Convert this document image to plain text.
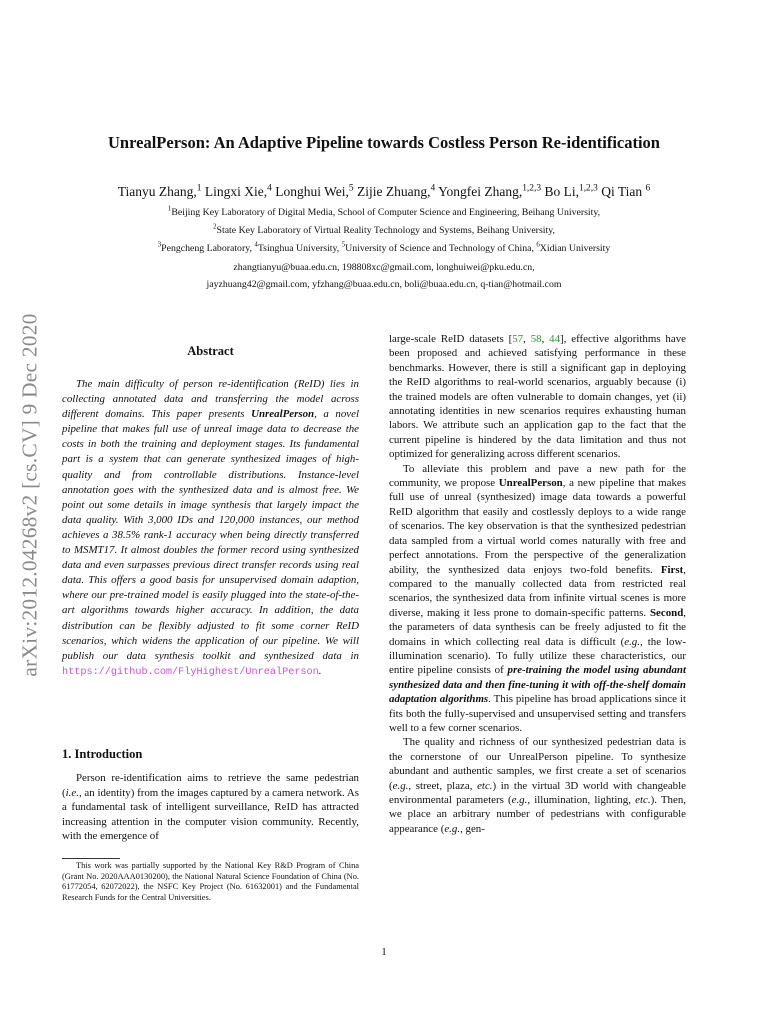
arXiv:2012.04268v2 [cs.CV] 9 Dec 2020
UnrealPerson: An Adaptive Pipeline towards Costless Person Re-identification
Tianyu Zhang,$^1$ Lingxi Xie,$^4$ Longhui Wei,$^5$ Zijie Zhuang,$^4$ Yongfei Zhang,$^{1,2,3}$ Bo Li,$^{1,2,3}$ Qi Tian $^6$
$^1$Beijing Key Laboratory of Digital Media, School of Computer Science and Engineering, Beihang University,
$^2$State Key Laboratory of Virtual Reality Technology and Systems, Beihang University,
$^3$Pengcheng Laboratory, $^4$Tsinghua University, $^5$University of Science and Technology of China, $^6$Xidian University
zhangtianyu@buaa.edu.cn, 198808xc@gmail.com, longhuiwei@pku.edu.cn,
jayzhuang42@gmail.com, yfzhang@buaa.edu.cn, boli@buaa.edu.cn, q-tian@hotmail.com
Abstract
The main difficulty of person re-identification (ReID) lies in collecting annotated data and transferring the model across different domains. This paper presents UnrealPerson, a novel pipeline that makes full use of unreal image data to decrease the costs in both the training and deployment stages. Its fundamental part is a system that can generate synthesized images of high-quality and from controllable distributions. Instance-level annotation goes with the synthesized data and is almost free. We point out some details in image synthesis that largely impact the data quality. With 3,000 IDs and 120,000 instances, our method achieves a 38.5% rank-1 accuracy when being directly transferred to MSMT17. It almost doubles the former record using synthesized data and even surpasses previous direct transfer records using real data. This offers a good basis for unsupervised domain adaption, where our pre-trained model is easily plugged into the state-of-the-art algorithms towards higher accuracy. In addition, the data distribution can be flexibly adjusted to fit some corner ReID scenarios, which widens the application of our pipeline. We will publish our data synthesis toolkit and synthesized data in https://github.com/FlyHighest/UnrealPerson.
1. Introduction
Person re-identification aims to retrieve the same pedestrian (i.e., an identity) from the images captured by a camera network. As a fundamental task of intelligent surveillance, ReID has attracted increasing attention in the computer vision community. Recently, with the emergence of
This work was partially supported by the National Key R&D Program of China (Grant No. 2020AAA0130200), the National Natural Science Foundation of China (No. 61772054, 62072022), the NSFC Key Project (No. 61632001) and the Fundamental Research Funds for the Central Universities.

large-scale ReID datasets [57, 58, 44], effective algorithms have been proposed and achieved satisfying performance in these benchmarks. However, there is still a significant gap in deploying the ReID algorithms to real-world scenarios, arguably because (i) the trained models are often vulnerable to domain changes, yet (ii) annotating identities in new scenarios requires exhausting human labors. We attribute such an application gap to the fact that the current pipeline is hindered by the data limitation and thus not optimized for generalizing across different scenarios.

To alleviate this problem and pave a new path for the community, we propose UnrealPerson, a new pipeline that makes full use of unreal (synthesized) image data towards a powerful ReID algorithm that easily and costlessly deploys to a wide range of scenarios. The key observation is that the synthesized pedestrian data sampled from a virtual world comes naturally with free and perfect annotations. From the perspective of the generalization ability, the synthesized data enjoys two-fold benefits. First, compared to the manually collected data from restricted real scenarios, the synthesized data from infinite virtual scenes is more diverse, making it less prone to domain-specific patterns. Second, the parameters of data synthesis can be freely adjusted to fit the domains in which collecting real data is difficult (e.g., the low-illumination scenario). To fully utilize these characteristics, our entire pipeline consists of pre-training the model using abundant synthesized data and then fine-tuning it with off-the-shelf domain adaptation algorithms. This pipeline has broad applications since it fits both the fully-supervised and unsupervised setting and transfers well to a few corner scenarios.

The quality and richness of our synthesized pedestrian data is the cornerstone of our UnrealPerson pipeline. To synthesize abundant and authentic samples, we first create a set of scenarios (e.g., street, plaza, etc.) in the virtual 3D world with changeable environmental parameters (e.g., illumination, lighting, etc.). Then, we place an arbitrary number of pedestrians with configurable appearance (e.g., gen-

1
